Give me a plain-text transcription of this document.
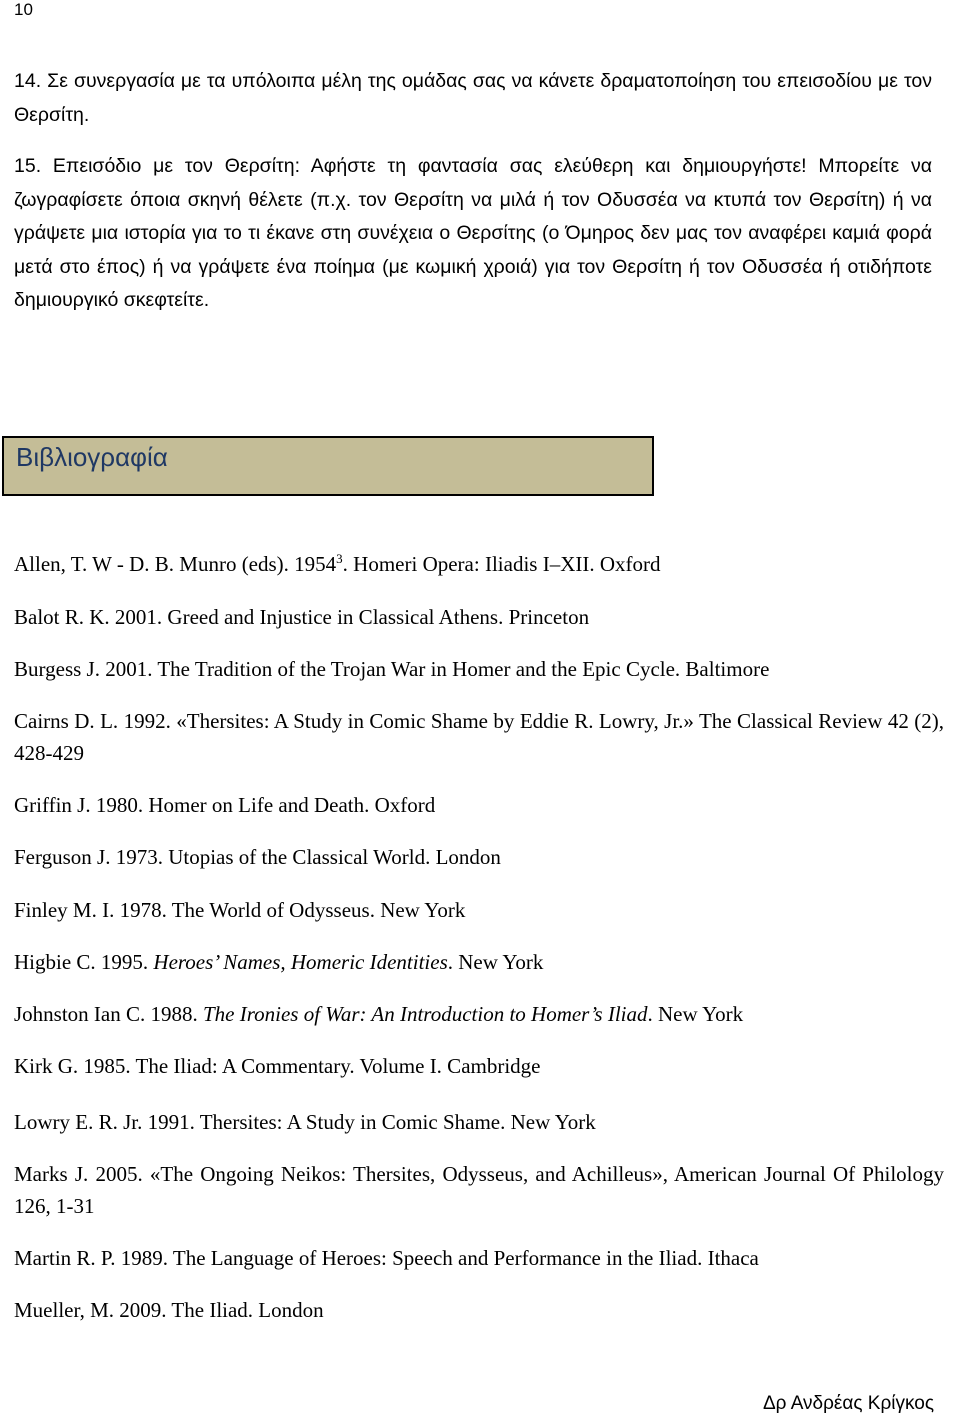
10

14. Σε συνεργασία με τα υπόλοιπα μέλη της ομάδας σας να κάνετε δραματοποίηση του επεισοδίου με τον Θερσίτη.

15. Επεισόδιο με τον Θερσίτη: Αφήστε τη φαντασία σας ελεύθερη και δημιουργήστε! Μπορείτε να ζωγραφίσετε όποια σκηνή θέλετε (π.χ. τον Θερσίτη να μιλά ή τον Οδυσσέα να κτυπά τον Θερσίτη) ή να γράψετε μια ιστορία για το τι έκανε στη συνέχεια ο Θερσίτης (ο Όμηρος δεν μας τον αναφέρει καμιά φορά μετά στο έπος) ή να γράψετε ένα ποίημα (με κωμική χροιά) για τον Θερσίτη ή τον Οδυσσέα ή οτιδήποτε δημιουργικό σκεφτείτε.

Βιβλιογραφία

Allen, T. W - D. B. Munro (eds). 1954$^3$. Homeri Opera: Iliadis I–XII. Oxford

Balot R. K. 2001. Greed and Injustice in Classical Athens. Princeton

Burgess J. 2001. The Tradition of the Trojan War in Homer and the Epic Cycle. Baltimore

Cairns D. L. 1992. «Thersites: A Study in Comic Shame by Eddie R. Lowry, Jr.» The Classical Review 42 (2), 428-429

Griffin J. 1980. Homer on Life and Death. Oxford

Ferguson J. 1973. Utopias of the Classical World. London

Finley M. I. 1978. The World of Odysseus. New York

Higbie C. 1995. Heroes’ Names, Homeric Identities. New York

Johnston Ian C. 1988. The Ironies of War: An Introduction to Homer’s Iliad. New York

Kirk G. 1985. The Iliad: A Commentary. Volume I. Cambridge

Lowry E. R. Jr. 1991. Thersites: A Study in Comic Shame. New York

Marks J. 2005. «The Ongoing Neikos: Thersites, Odysseus, and Achilleus», American Journal Of Philology 126, 1-31

Martin R. P. 1989. The Language of Heroes: Speech and Performance in the Iliad. Ithaca

Mueller, M. 2009. The Iliad. London

Δρ Ανδρέας Κρίγκος
